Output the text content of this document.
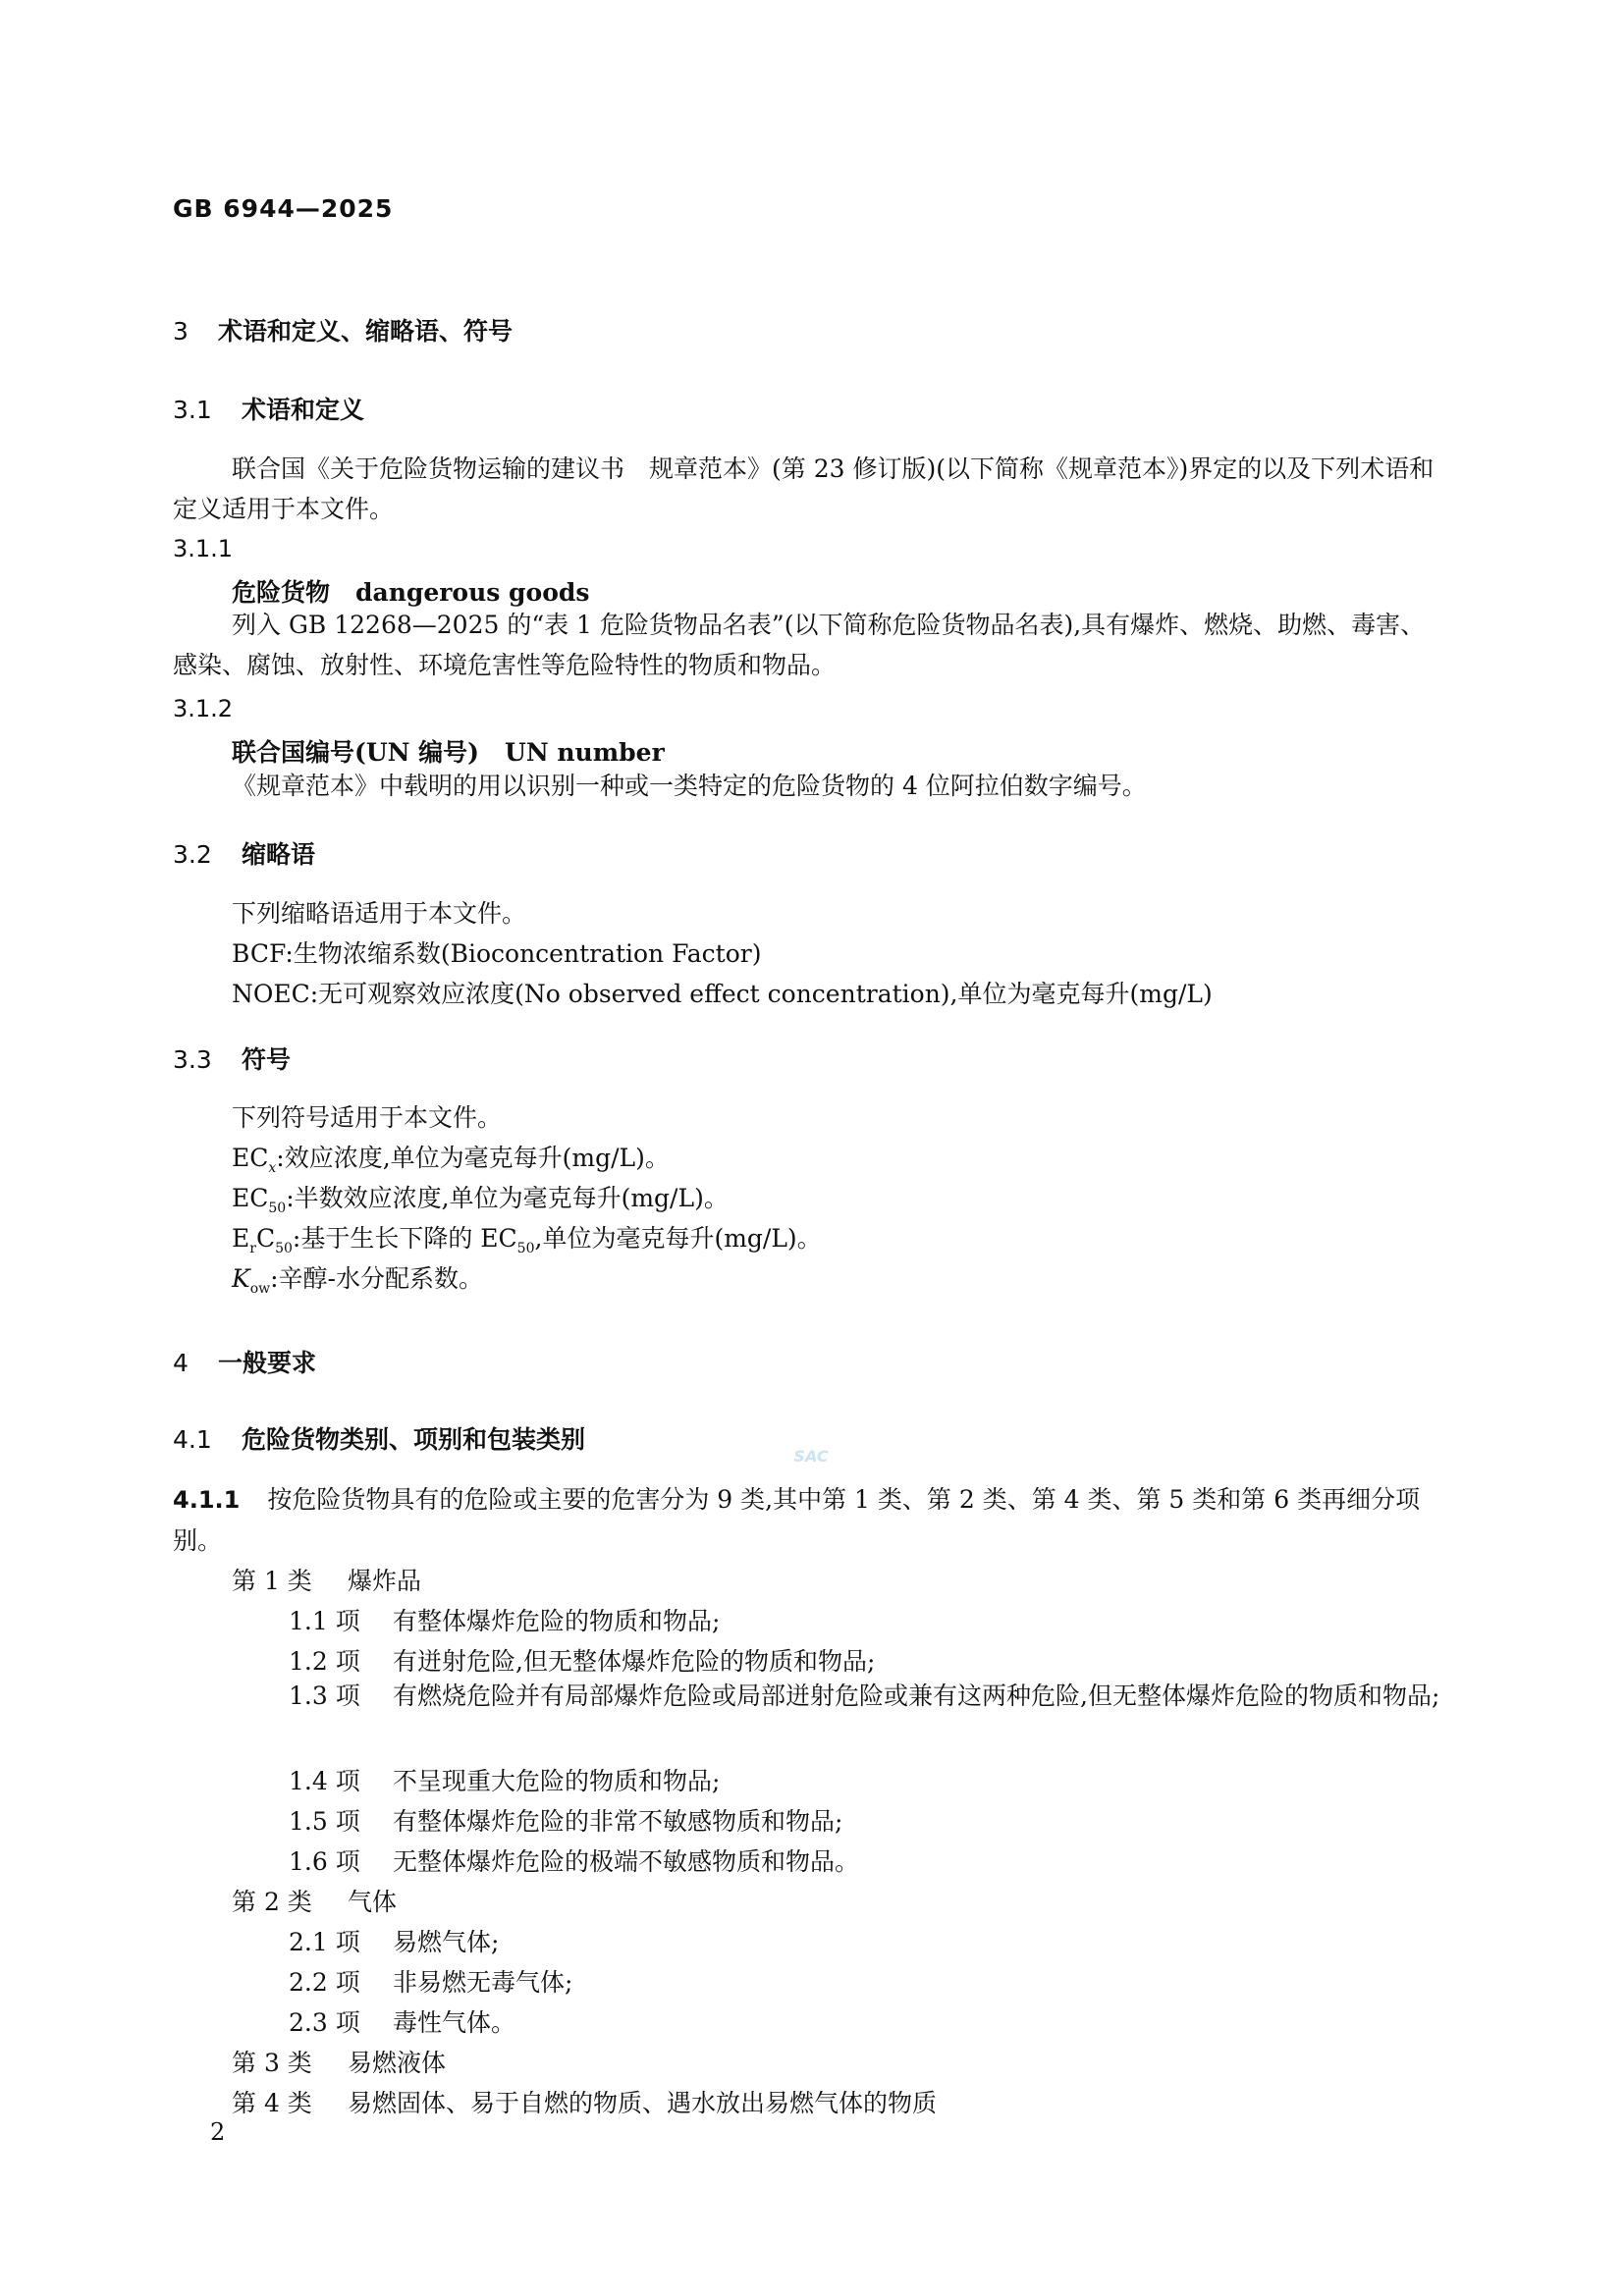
GB 6944—2025
3 术语和定义、缩略语、符号
3.1 术语和定义
联合国《关于危险货物运输的建议书　规章范本》(第 23 修订版)(以下简称《规章范本》)界定的以及下列术语和定义适用于本文件。
3.1.1
危险货物 dangerous goods
列入 GB 12268—2025 的“表 1 危险货物品名表”(以下简称危险货物品名表),具有爆炸、燃烧、助燃、毒害、感染、腐蚀、放射性、环境危害性等危险特性的物质和物品。
3.1.2
联合国编号(UN 编号) UN number
《规章范本》中载明的用以识别一种或一类特定的危险货物的 4 位阿拉伯数字编号。
3.2 缩略语
下列缩略语适用于本文件。
BCF:生物浓缩系数(Bioconcentration Factor)
NOEC:无可观察效应浓度(No observed effect concentration),单位为毫克每升(mg/L)
3.3 符号
下列符号适用于本文件。
$EC_x$:效应浓度,单位为毫克每升(mg/L)。
$EC_{50}$:半数效应浓度,单位为毫克每升(mg/L)。
$E_rC_{50}$:基于生长下降的 $EC_{50}$,单位为毫克每升(mg/L)。
$K_{ow}$:辛醇-水分配系数。
4 一般要求
4.1 危险货物类别、项别和包装类别
SAC
4.1.1 按危险货物具有的危险或主要的危害分为 9 类,其中第 1 类、第 2 类、第 4 类、第 5 类和第 6 类再细分项别。
第 1 类 爆炸品
1.1 项 有整体爆炸危险的物质和物品;
1.2 项 有迸射危险,但无整体爆炸危险的物质和物品;
1.3 项 有燃烧危险并有局部爆炸危险或局部迸射危险或兼有这两种危险,但无整体爆炸危险的物质和物品;
1.4 项 不呈现重大危险的物质和物品;
1.5 项 有整体爆炸危险的非常不敏感物质和物品;
1.6 项 无整体爆炸危险的极端不敏感物质和物品。
第 2 类 气体
2.1 项 易燃气体;
2.2 项 非易燃无毒气体;
2.3 项 毒性气体。
第 3 类 易燃液体
第 4 类 易燃固体、易于自燃的物质、遇水放出易燃气体的物质
2
